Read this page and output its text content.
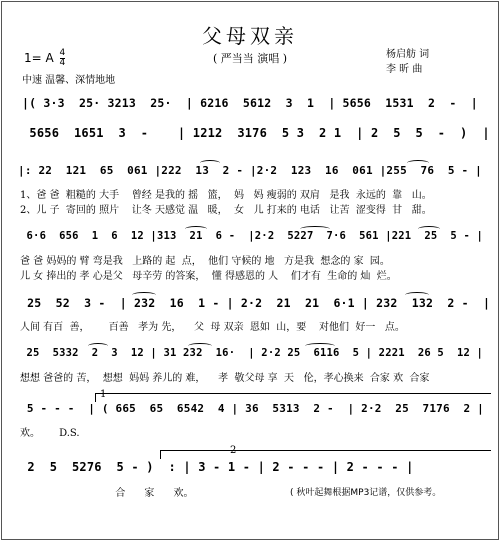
父母双亲
( 严当当 演唱 )
1= A $\frac{4}{4}$
中速 温馨、深情地地
杨启舫 词
李 昕 曲
|( 3·3  25· 3213  25·  | 6216  5612  3  1  | 5656  1531  2  -  |
5656  1651  3  -    | 1212  3176  5 3  2 1  | 2  5  5  -  )  |
|: 22  121  65  061 |222  13  2 - |2·2  123  16  061 |255  76  5 - |
1、爸 爸  粗糙的 大手    曾经 是我的 摇   篮，  妈   妈 瘦弱的 双肩   是我  永远的  靠   山。
2、儿 子  寄回的 照片    让冬 天感觉 温   暖，  女   儿 打来的 电话   让苦  涩变得  甘   甜。
6·6  656  1  6  12 |313  21  6 -  |2·2  5227  7·6  561 |221  25  5 - |
爸 爸 妈妈的 臂 弯是我   上路的 起  点，  他们 守候的 地   方是我  想念的 家  园。
儿 女 捧出的 孝 心是父   母辛劳 的答案，  懂 得感恩的 人    们才有  生命的 灿  烂。
25  52  3 -  | 232  16  1 - | 2·2  21  21  6·1 | 232  132  2 -  |
人间 有百  善，      百善   孝为 先，    父  母 双亲  恩如  山，要    对他们  好一   点。
25  5332  2  3  12 | 31 232  16·  | 2·2 25  6116  5 | 2221  26 5  12 |
想想 爸爸的 苦，  想想  妈妈 养儿的 难，    孝  敬父母 享  天   伦，孝心换来  合家 欢  合家
1
5 - - -  | ( 665  65  6542  4 | 36  5313  2 -  | 2·2  25  7176  2 |
欢。      D.S.
2
2  5  5276  5 - )  : | 3 - 1 - | 2 - - - | 2 - - - |
合      家      欢。	( 秋叶起舞根据MP3记谱，仅供参考。
